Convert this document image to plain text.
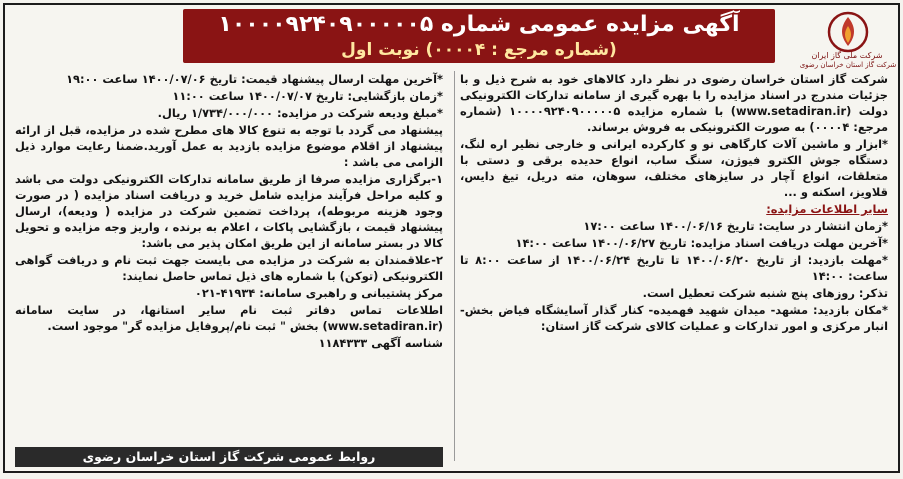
آگهی مزایده عمومی شماره ۱۰۰۰۰۹۲۴۰۹۰۰۰۰۰۵
(شماره مرجع : ۰۰۰۰۴) نوبت اول	شرکت ملی گاز ایران
شرکت گاز استان خراسان رضوی

شرکت گاز استان خراسان رضوی در نظر دارد کالاهای خود به شرح ذیل و با جزئیات مندرج در اسناد مزایده را با بهره گیری از سامانه تدارکات الکترونیکی دولت (www.setadiran.ir) با شماره مزایده ۱۰۰۰۰۹۲۴۰۹۰۰۰۰۰۵ (شماره مرجع: ۰۰۰۰۴) به صورت الکترونیکی به فروش برساند.

*ابزار و ماشین آلات کارگاهی نو و کارکرده ایرانی و خارجی نظیر اره لنگ، دستگاه جوش الکترو فیوژن، سنگ ساب، انواع حدیده برقی و دستی با متعلقات، انواع آچار در سایزهای مختلف، سوهان، مته دریل، تیغ دایس، قلاویز، اسکنه و ...

سایر اطلاعات مزایده:

*زمان انتشار در سایت: تاریخ ۱۴۰۰/۰۶/۱۶ ساعت ۱۷:۰۰

*آخرین مهلت دریافت اسناد مزایده: تاریخ ۱۴۰۰/۰۶/۲۷ ساعت ۱۴:۰۰

*مهلت بازدید: از تاریخ ۱۴۰۰/۰۶/۲۰ تا تاریخ ۱۴۰۰/۰۶/۲۴ از ساعت ۸:۰۰ تا ساعت: ۱۴:۰۰

تذکر: روزهای پنج شنبه شرکت تعطیل است.

*مکان بازدید: مشهد- میدان شهید فهمیده- کنار گذار آسایشگاه فیاض بخش- انبار مرکزی و امور تدارکات و عملیات کالای شرکت گاز استان:

*آخرین مهلت ارسال پیشنهاد قیمت: تاریخ ۱۴۰۰/۰۷/۰۶ ساعت ۱۹:۰۰

*زمان بازگشایی: تاریخ ۱۴۰۰/۰۷/۰۷ ساعت ۱۱:۰۰

*مبلغ ودیعه شرکت در مزایده: ۱/۷۳۴/۰۰۰/۰۰۰ ریال.

پیشنهاد می گردد با توجه به تنوع کالا های مطرح شده در مزایده، قبل از ارائه پیشنهاد از اقلام موضوع مزایده بازدید به عمل آورید.ضمنا رعایت موارد ذیل الزامی می باشد :

۱-برگزاری مزایده صرفا از طریق سامانه تدارکات الکترونیکی دولت می باشد و کلیه مراحل فرآیند مزایده شامل خرید و دریافت اسناد مزایده ( در صورت وجود هزینه مربوطه)، پرداخت تضمین شرکت در مزایده ( ودیعه)، ارسال پیشنهاد قیمت ، بازگشایی پاکات ، اعلام به برنده ، واریز وجه مزایده و تحویل کالا در بستر سامانه از این طریق امکان پذیر می باشد:

۲-علاقمندان به شرکت در مزایده می بایست جهت ثبت نام و دریافت گواهی الکترونیکی (توکن) با شماره های ذیل تماس حاصل نمایند:

مرکز پشتیبانی و راهبری سامانه: ۴۱۹۳۴-۰۲۱

اطلاعات تماس دفاتر ثبت نام سایر استانها، در سایت سامانه (www.setadiran.ir) بخش " ثبت نام/پروفایل مزایده گر" موجود است.

شناسه آگهی ۱۱۸۴۳۳۳

روابط عمومی شرکت گاز استان خراسان رضوی
